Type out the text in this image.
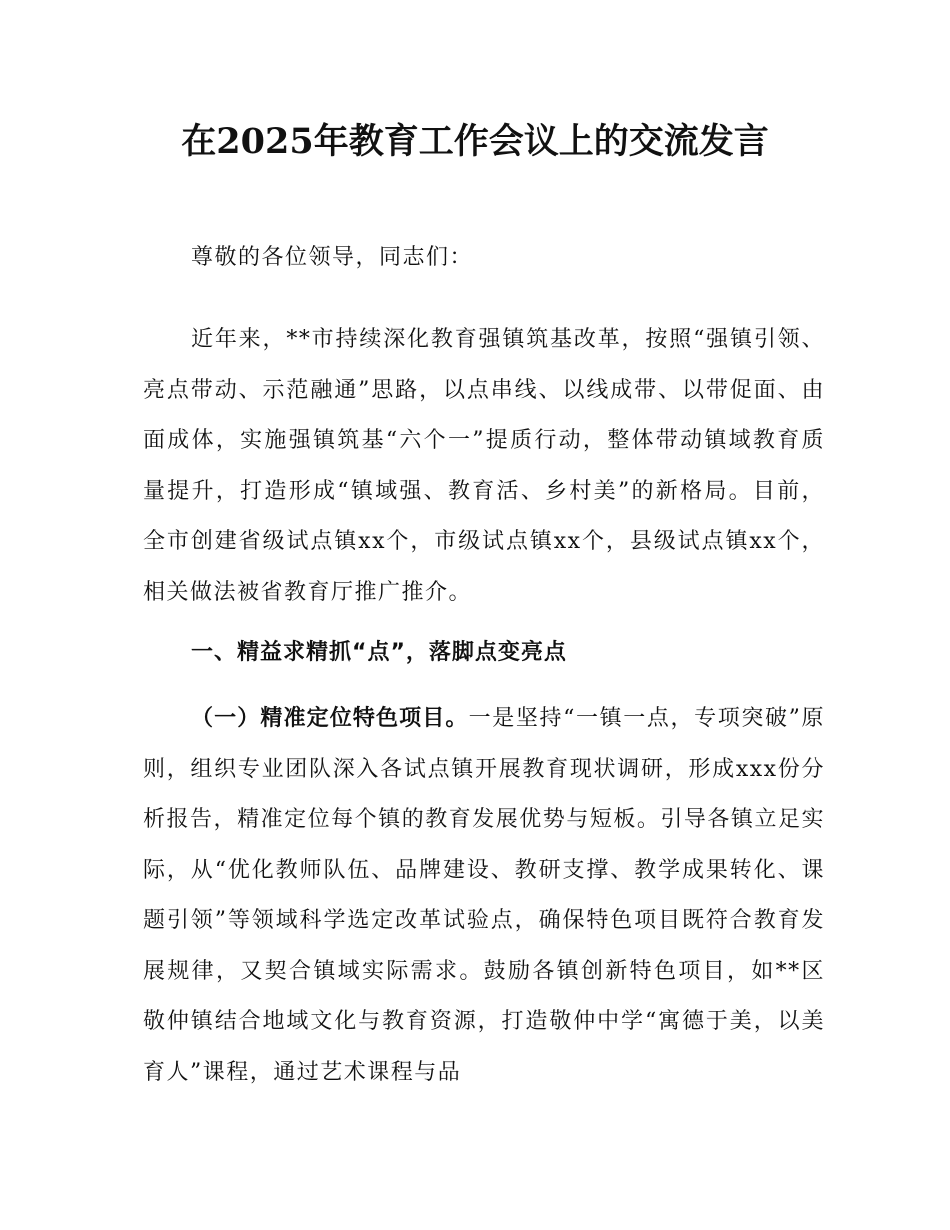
在2025年教育工作会议上的交流发言

尊敬的各位领导，同志们：

近年来，**市持续深化教育强镇筑基改革，按照“强镇引领、亮点带动、示范融通”思路，以点串线、以线成带、以带促面、由面成体，实施强镇筑基“六个一”提质行动，整体带动镇域教育质量提升，打造形成“镇域强、教育活、乡村美”的新格局。目前，全市创建省级试点镇xx个，市级试点镇xx个，县级试点镇xx个，相关做法被省教育厅推广推介。

一、精益求精抓“点”，落脚点变亮点

（一）精准定位特色项目。一是坚持“一镇一点，专项突破”原则，组织专业团队深入各试点镇开展教育现状调研，形成xxx份分析报告，精准定位每个镇的教育发展优势与短板。引导各镇立足实际，从“优化教师队伍、品牌建设、教研支撑、教学成果转化、课题引领”等领域科学选定改革试验点，确保特色项目既符合教育发展规律，又契合镇域实际需求。鼓励各镇创新特色项目，如**区敬仲镇结合地域文化与教育资源，打造敬仲中学“寓德于美，以美育人”课程，通过艺术课程与品
